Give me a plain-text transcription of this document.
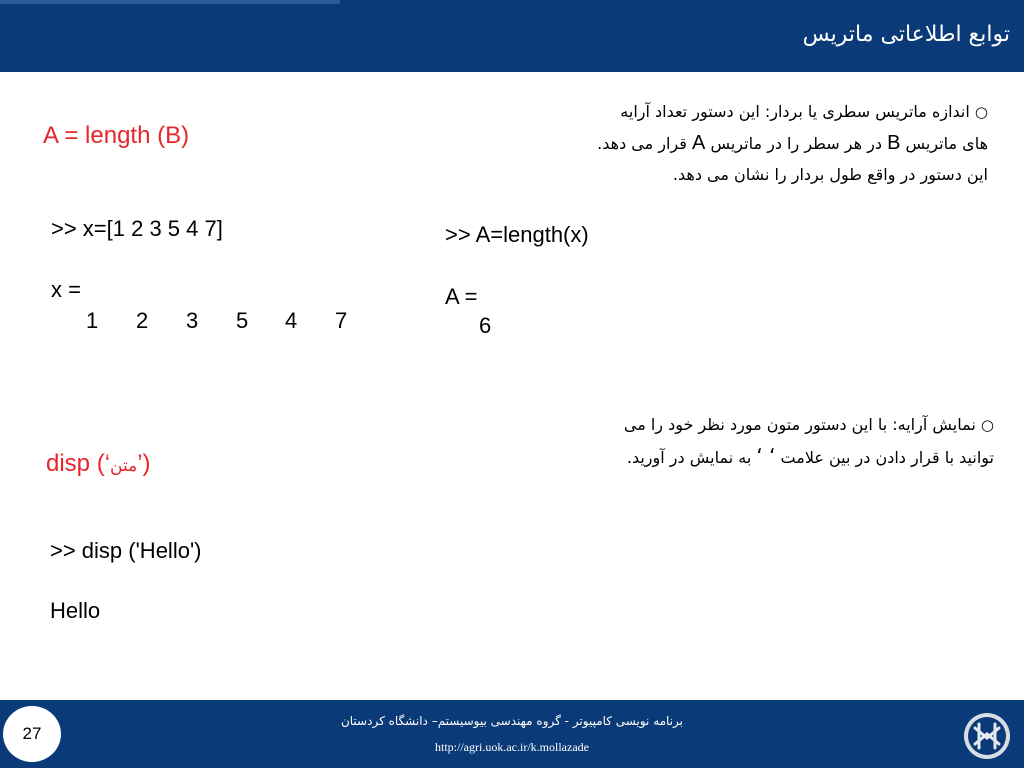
توابع اطلاعاتی ماتریس
○ اندازه ماتریس سطری یا بردار: این دستور تعداد آرایه
های ماتریس B در هر سطر را در ماتریس A قرار می دهد.
این دستور در واقع طول بردار را نشان می دهد.
A = length (B)
>> x=[1 2 3 5 4 7]
x =
1 2 3 5 4 7
>> A=length(x)
A =
6
○ نمایش آرایه: با این دستور متون مورد نظر خود را می
توانید با قرار دادن در بین علامت ‘ ‘ به نمایش در آورید.
disp (‘متن’)
>> disp ('Hello')
Hello
27
برنامه نویسی کامپیوتر - گروه مهندسی بیوسیستم– دانشگاه کردستان
http://agri.uok.ac.ir/k.mollazade
